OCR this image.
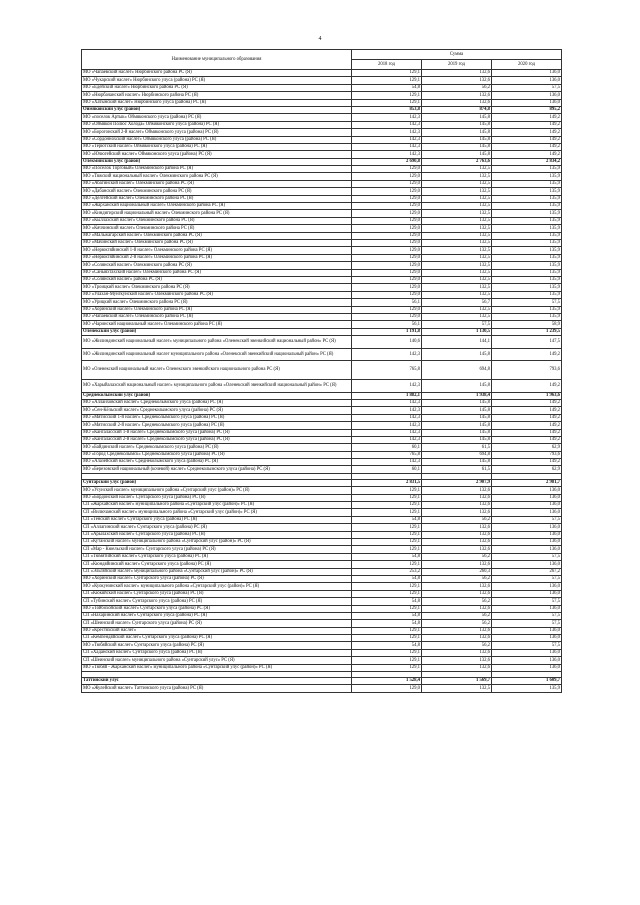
4
Наименование муниципального образования	Сумма		
	2018 год	2019 год	2020 год
МО «Чапаевский наслег» Нюрбинского района РС (Я)	129,1	132,6	136,0
МО «Чукарский наслег» Нюрбинского улуса (района) РС (Я)	129,1	132,6	136,0
МО «Едейский наслег» Нюрбинского района РС (Я)	54,8	56,2	57,5
МО «Нюрбачанский наслег» Нюрбинского района РС (Я)	129,1	132,6	136,0
МО «Хатынский наслег» Нюрбинского улуса (района) РС (Я)	129,1	132,6	136,0
Оймяконский улус (район)	853,8	874,8	895,2
МО «поселок Артык» Оймяконского улуса (района) РС (Я)	142,3	145,8	149,2
МО «Оймякон Полюс Холода» Оймяконского улуса (района) РС (Я)	142,3	145,8	149,2
МО «Борогонский 2-й наслег» Оймяконского улуса (района) РС (Я)	142,3	145,8	149,2
МО «Сордоннохский наслег» Оймяконского улуса (района) РС (Я)	142,3	145,8	149,2
МО «Терютский наслег» Оймяконского улуса (района) РС (Я)	142,3	145,8	149,2
МО «Ючюгейский наслег» Оймяконского улуса (района) РС (Я)	142,3	145,8	149,2
Олекминский улус (район)	2 690,8	2 763,6	2 834,2
МО «Поселок Торговый» Олекминского района РС (Я)	129,0	132,5	135,9
МО «Тяжский национальный наслег» Олекминского района РС (Я)	129,0	132,5	135,9
МО «Абагинский наслег» Олекминского района РС (Я)	129,0	132,5	135,9
МО «Дабанский наслег» Олекминского района РС (Я)	129,0	132,5	135,9
МО «Делгейский наслег» Олекминского района РС (Я)	129,0	132,5	135,9
МО «Жарханский национальный наслег» Олекминского района РС (Я)	129,0	132,5	135,9
МО «Киндигирский национальный наслег» Олекминского района РС (Я)	129,0	132,5	135,9
МО «Кыллахский наслег» Олекминского района РС (Я)	129,0	132,5	135,9
МО «Кяччинский наслег» Олекминского района РС (Я)	129,0	132,5	135,9
МО «Мальжагарский наслег» Олекминского района РС (Я)	129,0	132,5	135,9
МО «Мачинский наслег» Олекминского района РС (Я)	129,0	132,5	135,9
МО «Нерюктяйинский 1-й наслег» Олекминского района РС (Я)	129,0	132,5	135,9
МО «Нерюктяйинский 2-й наслег» Олекминского района РС (Я)	129,0	132,5	135,9
МО «Солянский наслег» Олекминского района РС (Я)	129,0	132,5	135,9
МО «Саныяхтахский наслег» Олекминского района РС (Я)	129,0	132,5	135,9
МО «Солянский наслег» района РС (Я)	129,0	132,5	135,9
МО «Троицкий наслег» Олекминского района РС (Я)	129,0	132,5	135,9
МО «Улахан-Мунгкунский наслег» Олекминского района РС (Я)	129,0	132,5	135,9
МО «Урицкий наслег» Олекминского района РС (Я)	56,1	56,7	57,5
МО «Хоринский наслег» Олекминского района РС (Я)	129,0	132,5	135,9
МО «Чапаевский наслег» Олекминского района РС (Я)	129,0	132,5	135,9
МО «Чаринский национальный наслег» Олекминского района РС (Я)	56,1	57,5	58,9
Оленекский улус (район)	1 191,8	1 130,5	1 239,5
МО «Жилиндинский национальный наслег» муниципального района «Оленекский эвенкийский национальный район» РС (Я)	140,6	144,1	147,5
МО «Жилиндинский национальный наслег муниципального района «Оленекский эвенкийский национальный район» РС (Я)	142,3	145,8	149,2
МО «Оленекский национальный наслег» Оленекского эвенкийского национального района РС (Я)	765,8	694,8	793,6
МО «Харыйалахский национальный наслег» муниципального района «Оленекский эвенкийский национальный район» РС (Я)	142,3	145,8	149,2
Среднеколымский улус (район)	1 882,1	1 938,4	1 963,6
МО «Аллаиховский наслег» Среднеколымского улуса (района) РС (Я)	142,3	145,8	149,2
МО «Сен-Кёльский наслег» Среднеколымского улуса (района) РС (Я)	142,3	145,8	149,2
МО «Мятисский 1-й наслег» Среднеколымского улуса (района) РС (Я)	142,3	145,8	149,2
МО «Мятисский 2-й наслег» Среднеколымского улуса (района) РС (Я)	142,3	145,8	149,2
МО «Кангаласский 1-й наслег» Среднеколымского улуса (района) РС (Я)	142,3	145,8	149,2
МО «Кангаласский 2-й наслег» Среднеколымского улуса (района) РС (Я)	142,3	145,8	149,2
МО «Байдинский наслег» Среднеколымского улуса (района) РС (Я)	60,1	61,5	62,9
МО «Город Среднеколымск» Среднеколымского улуса (района) РС (Я)	765,8	694,8	793,6
МО «Алазейский наслег» Среднеколымского улуса (района) РС (Я)	142,3	145,8	149,2
МО «Березовский национальный (кочевой) наслег» Среднеколымского улуса (района) РС (Я)	60,1	61,5	62,9

Сунтарский улус (район)	2 831,5	2 907,9	2 981,7
МО «Усунский наслег» муниципального района «Сунтарский улус (район)» РС (Я)	129,1	132,6	136,0
МО «Бордонский наслег» Сунтарского улуса (района) РС (Я)	129,1	132,6	136,0
СП «Жархайский наслег» муниципального района «Сунтарский улус (район)» РС (Я)	129,1	132,6	136,0
СП «Вилючанский наслег» муниципального района «Сунтарский улус (район)» РС (Я)	129,1	132,6	136,0
СП «Тенский наслег» Сунтарского улуса (района) РС (Я)	54,8	56,2	57,5
СП «Аллагинский наслег» Сунтарского улуса (района) РС (Я)	129,1	132,6	136,0
СП «Арылахский наслег» Сунтарского улуса (района) РС (Я)	129,1	132,6	136,0
СП «Кутанский наслег» муниципального района «Сунтарский улус (район)» РС (Я)	129,1	132,6	136,0
СП «Мар - Кюельский наслег» Сунтарского улуса (района) РС (Я)	129,1	132,6	136,0
СП «Тюмятийский наслег» Сунтарского улуса (района) РС (Я)	54,8	56,2	57,5
СП «Кюндяйинский наслег» Сунтарского улуса (района) РС (Я)	129,1	132,6	136,0
СП «Эльгяйский наслег» муниципального района «Сунтарский улус (район)» РС (Я)	253,2	260,3	267,2
МО «Хоринский наслег» Сунтарского улуса (района) РС (Я)	54,8	56,2	57,5
МО «Куокунинский наслег» муниципального района «Сунтарский улус (район)» РС (Я)	129,1	132,6	136,0
СП «Кюкяйский наслег» Сунтарского улуса (района) РС (Я)	129,1	132,6	136,0
СП «Тубинский наслег» Сунтарского улуса (района) РС (Я)	54,8	56,2	57,5
МО «Тойбохойский наслег» Сунтарского улуса (района) РС (Я)	129,1	132,6	136,0
СП «Нахаринский наслег» Сунтарского улуса (района) РС (Я)	54,8	56,2	57,5
СП «Шеинский наслег» Сунтарского улуса (района) РС (Я)	54,8	56,2	57,5
МО «Крестяхский наслег»	129,1	132,6	136,0
СП «Кемпёндяйский наслег» Сунтарского улуса (района) РС (Я)	129,1	132,6	136,0
МО «Тюбяйский наслег» Сунтарского улуса (района) РС (Я)	54,8	56,2	57,5
СП «Хаданский наслег» Сунтарского улуса (района) РС (Я)	129,1	132,6	136,0
СП «Шеинский наслег» муниципального района «Сунтарский улус» РС (Я)	129,1	132,6	136,0
МО «Тюбяй - Жарханский наслег» муниципального района «Сунтарский улус (район)» РС (Я)	129,1	132,6	136,0

Таттинский улус	1 528,4	1 569,7	1 609,7
МО «Жулейский наслег» Таттинского улуса (района) РС (Я)	129,0	132,5	135,9
